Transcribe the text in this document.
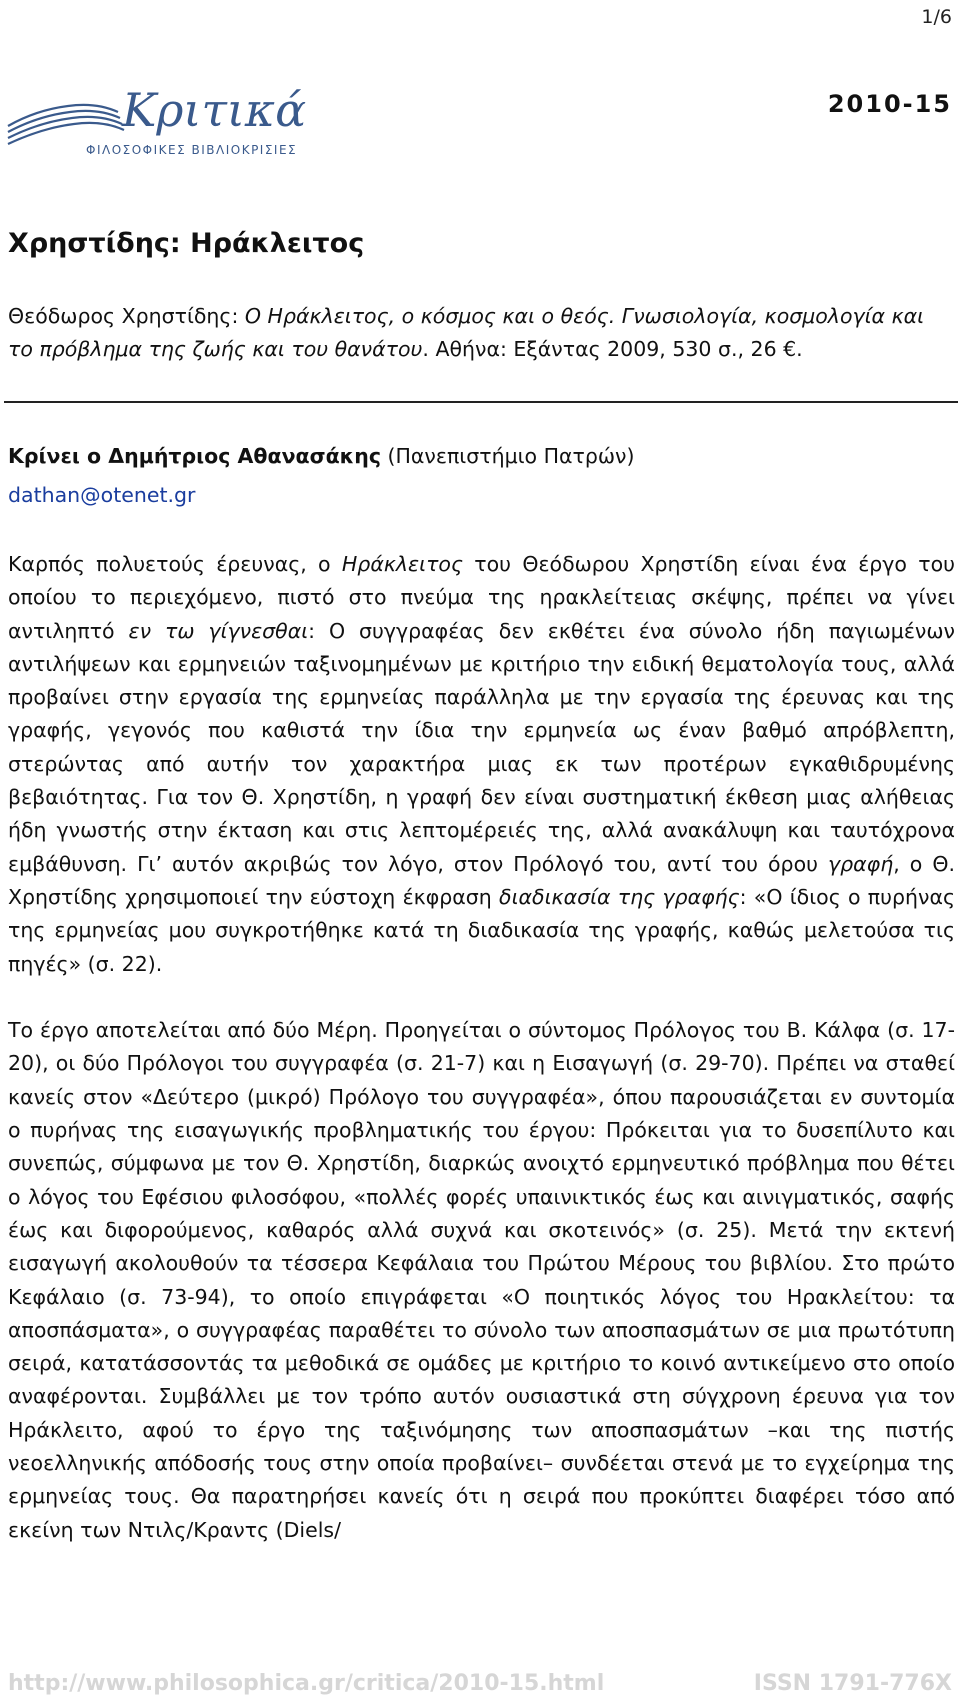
1/6
Κριτικά
ΦΙΛΟΣΟΦΙΚΕΣ ΒΙΒΛΙΟΚΡΙΣΙΕΣ
2010-15
Χρηστίδης: Ηράκλειτος

Θεόδωρος Χρηστίδης: Ο Ηράκλειτος, ο κόσμος και ο θεός. Γνωσιολογία, κοσμολογία και το πρόβλημα της ζωής και του θανάτου. Αθήνα: Εξάντας 2009, 530 σ., 26 €.

Κρίνει ο Δημήτριος Αθανασάκης (Πανεπιστήμιο Πατρών)

dathan@otenet.gr

Καρπός πολυετούς έρευνας, ο Ηράκλειτος του Θεόδωρου Χρηστίδη είναι ένα έργο του οποίου το περιεχόμενο, πιστό στο πνεύμα της ηρακλείτειας σκέψης, πρέπει να γίνει αντιληπτό εν τω γίγνεσθαι: Ο συγγραφέας δεν εκθέτει ένα σύνολο ήδη παγιωμένων αντιλήψεων και ερμηνειών ταξινομημένων με κριτήριο την ειδική θεματολογία τους, αλλά προβαίνει στην εργασία της ερμηνείας παράλληλα με την εργασία της έρευνας και της γραφής, γεγονός που καθιστά την ίδια την ερμηνεία ως έναν βαθμό απρόβλεπτη, στερώντας από αυτήν τον χαρακτήρα μιας εκ των προτέρων εγκαθιδρυμένης βεβαιότητας. Για τον Θ. Χρηστίδη, η γραφή δεν είναι συστηματική έκθεση μιας αλήθειας ήδη γνωστής στην έκταση και στις λεπτομέρειές της, αλλά ανακάλυψη και ταυτόχρονα εμβάθυνση. Γι’ αυτόν ακριβώς τον λόγο, στον Πρόλογό του, αντί του όρου γραφή, ο Θ. Χρηστίδης χρησιμοποιεί την εύστοχη έκφραση διαδικασία της γραφής: «Ο ίδιος ο πυρήνας της ερμηνείας μου συγκροτήθηκε κατά τη διαδικασία της γραφής, καθώς μελετούσα τις πηγές» (σ. 22).

Το έργο αποτελείται από δύο Μέρη. Προηγείται ο σύντομος Πρόλογος του Β. Κάλφα (σ. 17-20), οι δύο Πρόλογοι του συγγραφέα (σ. 21-7) και η Εισαγωγή (σ. 29-70). Πρέπει να σταθεί κανείς στον «Δεύτερο (μικρό) Πρόλογο του συγγραφέα», όπου παρουσιάζεται εν συντομία ο πυρήνας της εισαγωγικής προβληματικής του έργου: Πρόκειται για το δυσεπίλυτο και συνεπώς, σύμφωνα με τον Θ. Χρηστίδη, διαρκώς ανοιχτό ερμηνευτικό πρόβλημα που θέτει ο λόγος του Εφέσιου φιλοσόφου, «πολλές φορές υπαινικτικός έως και αινιγματικός, σαφής έως και διφορούμενος, καθαρός αλλά συχνά και σκοτεινός» (σ. 25). Μετά την εκτενή εισαγωγή ακολουθούν τα τέσσερα Κεφάλαια του Πρώτου Μέρους του βιβλίου. Στο πρώτο Κεφάλαιο (σ. 73-94), το οποίο επιγράφεται «Ο ποιητικός λόγος του Ηρακλείτου: τα αποσπάσματα», ο συγγραφέας παραθέτει το σύνολο των αποσπασμάτων σε μια πρωτότυπη σειρά, κατατάσσοντάς τα μεθοδικά σε ομάδες με κριτήριο το κοινό αντικείμενο στο οποίο αναφέρονται. Συμβάλλει με τον τρόπο αυτόν ουσιαστικά στη σύγχρονη έρευνα για τον Ηράκλειτο, αφού το έργο της ταξινόμησης των αποσπασμάτων –και της πιστής νεοελληνικής απόδοσής τους στην οποία προβαίνει– συνδέεται στενά με το εγχείρημα της ερμηνείας τους. Θα παρατηρήσει κανείς ότι η σειρά που προκύπτει διαφέρει τόσο από εκείνη των Ντιλς/Κραντς (Diels/

http://www.philosophica.gr/critica/2010-15.html	ISSN 1791-776X
